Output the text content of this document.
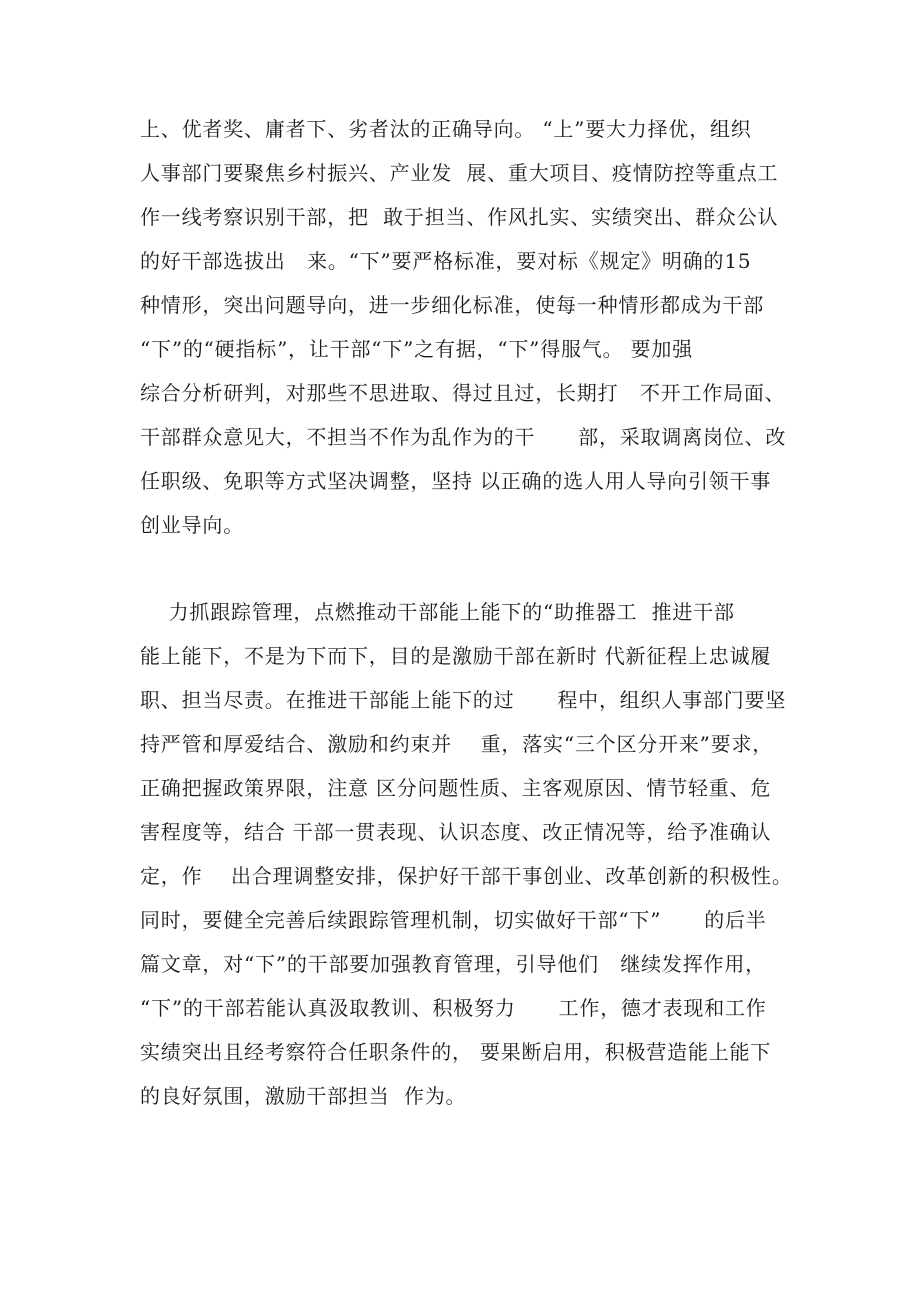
上、优者奖、庸者下、劣者汰的正确导向。 “上”要大力择优，组织
人事部门要聚焦乡村振兴、产业发  展、重大项目、疫情防控等重点工
作一线考察识别干部，把  敢于担当、作风扎实、实绩突出、群众公认
的好干部选拔出   来。“下”要严格标准，要对标《规定》明确的15
种情形，突出问题导向，进一步细化标准，使每一种情形都成为干部
“下”的“硬指标”，让干部“下”之有据，“下”得服气。 要加强
综合分析研判，对那些不思进取、得过且过，长期打   不开工作局面、
干部群众意见大，不担当不作为乱作为的干      部，采取调离岗位、改
任职级、免职等方式坚决调整，坚持 以正确的选人用人导向引领干事
创业导向。
力抓跟踪管理，点燃推动干部能上能下的“助推器工  推进干部
能上能下，不是为下而下，目的是激励干部在新时 代新征程上忠诚履
职、担当尽责。在推进干部能上能下的过      程中，组织人事部门要坚
持严管和厚爱结合、激励和约束并    重，落实“三个区分开来”要求，
正确把握政策界限，注意 区分问题性质、主客观原因、情节轻重、危
害程度等，结合 干部一贯表现、认识态度、改正情况等，给予准确认
定，作    出合理调整安排，保护好干部干事创业、改革创新的积极性。
同时，要健全完善后续跟踪管理机制，切实做好干部“下”      的后半
篇文章，对“下”的干部要加强教育管理，引导他们   继续发挥作用，
“下”的干部若能认真汲取教训、积极努力      工作，德才表现和工作
实绩突出且经考察符合任职条件的， 要果断启用，积极营造能上能下
的良好氛围，激励干部担当  作为。
